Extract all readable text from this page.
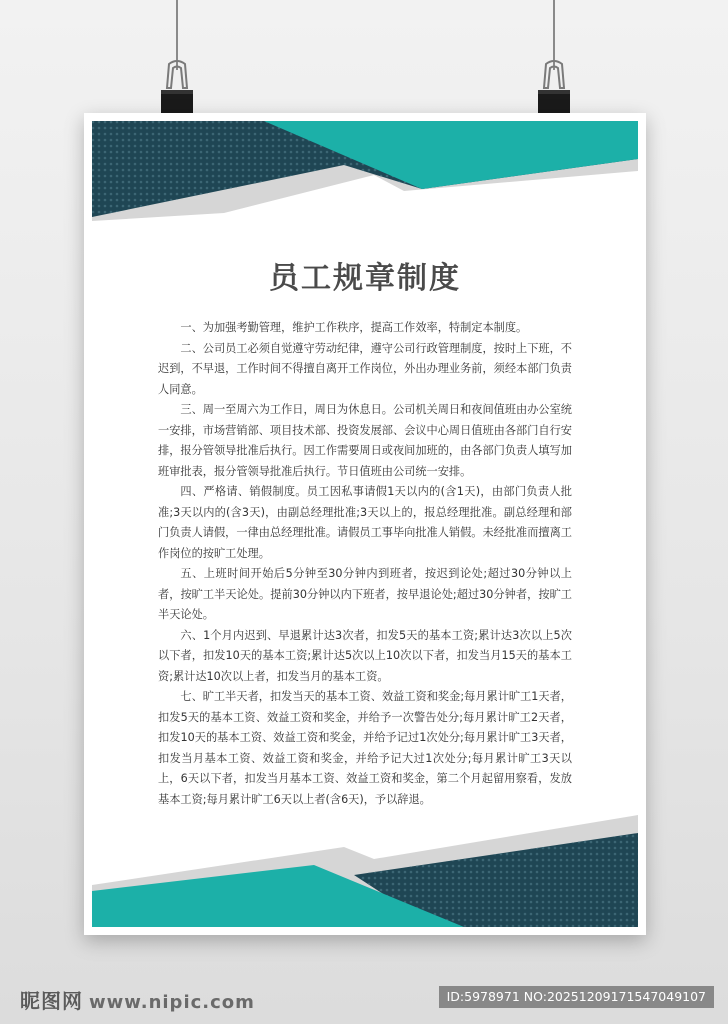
员工规章制度

一、为加强考勤管理，维护工作秩序，提高工作效率，特制定本制度。

二、公司员工必须自觉遵守劳动纪律，遵守公司行政管理制度，按时上下班，不迟到，不早退，工作时间不得擅自离开工作岗位，外出办理业务前，须经本部门负责人同意。

三、周一至周六为工作日，周日为休息日。公司机关周日和夜间值班由办公室统一安排，市场营销部、项目技术部、投资发展部、会议中心周日值班由各部门自行安排，报分管领导批准后执行。因工作需要周日或夜间加班的，由各部门负责人填写加班审批表，报分管领导批准后执行。节日值班由公司统一安排。

四、严格请、销假制度。员工因私事请假1天以内的(含1天)，由部门负责人批准;3天以内的(含3天)，由副总经理批准;3天以上的，报总经理批准。副总经理和部门负责人请假，一律由总经理批准。请假员工事毕向批准人销假。未经批准而擅离工作岗位的按旷工处理。

五、上班时间开始后5分钟至30分钟内到班者，按迟到论处;超过30分钟以上者，按旷工半天论处。提前30分钟以内下班者，按早退论处;超过30分钟者，按旷工半天论处。

六、1个月内迟到、早退累计达3次者，扣发5天的基本工资;累计达3次以上5次以下者，扣发10天的基本工资;累计达5次以上10次以下者，扣发当月15天的基本工资;累计达10次以上者，扣发当月的基本工资。

七、旷工半天者，扣发当天的基本工资、效益工资和奖金;每月累计旷工1天者，扣发5天的基本工资、效益工资和奖金，并给予一次警告处分;每月累计旷工2天者，扣发10天的基本工资、效益工资和奖金，并给予记过1次处分;每月累计旷工3天者，扣发当月基本工资、效益工资和奖金，并给予记大过1次处分;每月累计旷工3天以上，6天以下者，扣发当月基本工资、效益工资和奖金，第二个月起留用察看，发放基本工资;每月累计旷工6天以上者(含6天)，予以辞退。

昵图网 www.nipic.com	ID:5978971 NO:20251209171547049107
